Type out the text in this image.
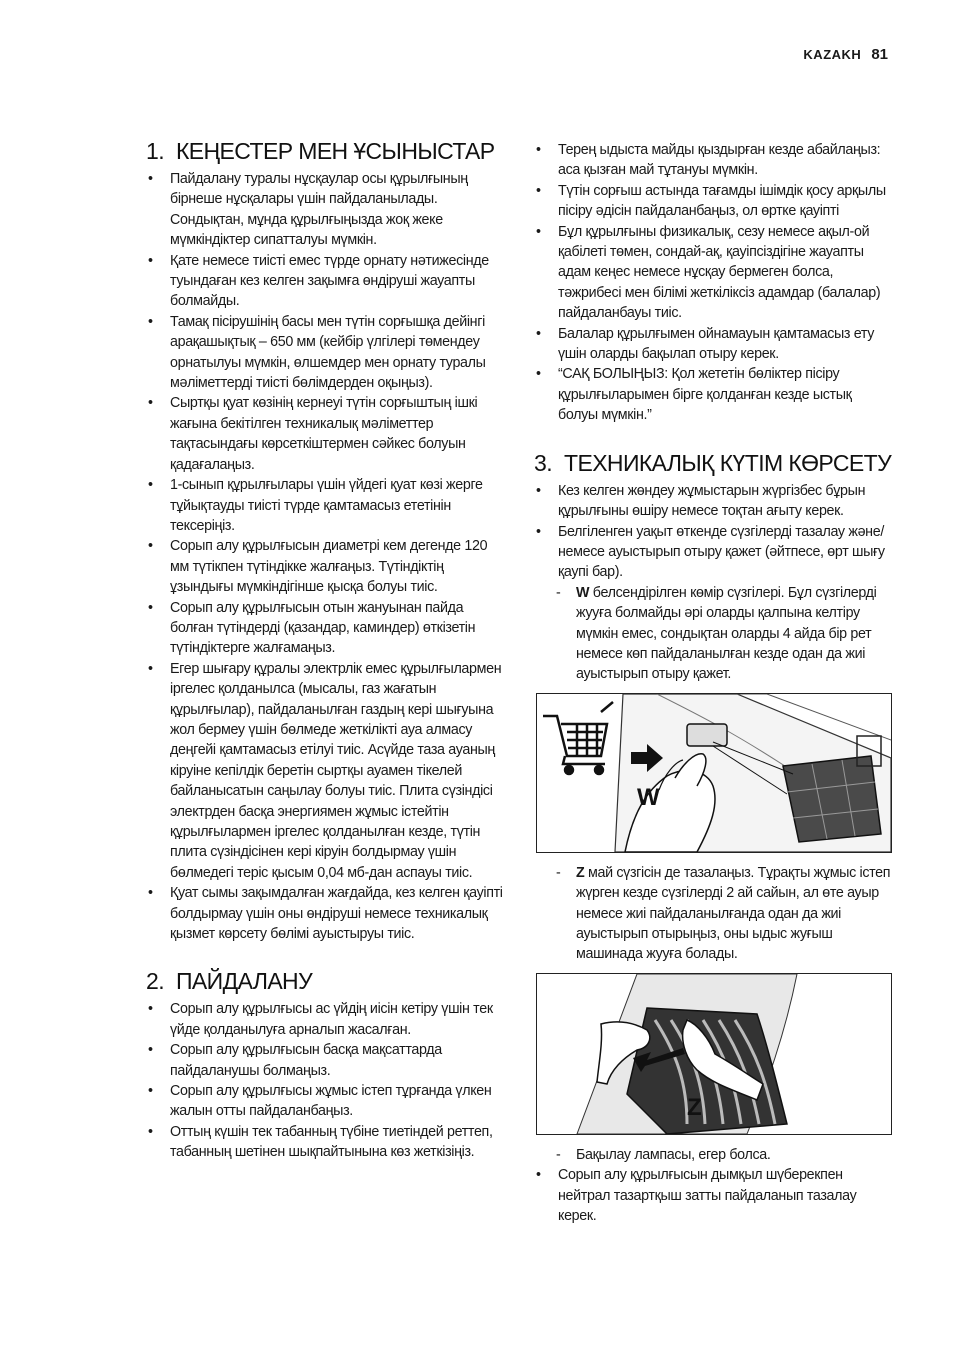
KAZAKH 81
1. КЕҢЕСТЕР МЕН ҰСЫНЫСТАР
• Пайдалану туралы нұсқаулар осы құрылғының бірнеше нұсқалары үшін пайдаланылады. Сондықтан, мұнда құрылғыңызда жоқ жеке мүмкіндіктер сипатталуы мүмкін.
• Қате немесе тиісті емес түрде орнату нәтижесінде туындаған кез келген зақымға өндіруші жауапты болмайды.
• Тамақ пісірушінің басы мен түтін сорғышқа дейінгі арақашықтық – 650 мм (кейбір үлгілері төмендеу орнатылуы мүмкін, өлшемдер мен орнату туралы мәліметтерді тиісті бөлімдерден оқыңыз).
• Сыртқы қуат көзінің кернеуі түтін сорғыштың ішкі жағына бекітілген техникалық мәліметтер тақтасындағы көрсеткіштермен сәйкес болуын қадағалаңыз.
• 1-сынып құрылғылары үшін үйдегі қуат көзі жерге тұйықтауды тиісті түрде қамтамасыз ететінін тексеріңіз.
• Сорып алу құрылғысын диаметрі кем дегенде 120 мм түтікпен түтіндікке жалғаңыз. Түтіндіктің ұзындығы мүмкіндігінше қысқа болуы тиіс.
• Сорып алу құрылғысын отын жануынан пайда болған түтіндерді (қазандар, каминдер) өткізетін түтіндіктерге жалғамаңыз.
• Егер шығару құралы электрлік емес құрылғылармен іргелес қолданылса (мысалы, газ жағатын құрылғылар), пайдаланылған газдың кері шығуына жол бермеу үшін бөлмеде жеткілікті ауа алмасу деңгейі қамтамасыз етілуі тиіс. Асүйде таза ауаның кіруіне кепілдік беретін сыртқы ауамен тікелей байланысатын саңылау болуы тиіс. Плита сүзіндісі электрден басқа энергиямен жұмыс істейтін құрылғылармен іргелес қолданылған кезде, түтін плита сүзіндісінен кері кіруін болдырмау үшін бөлмедегі теріс қысым 0,04 мб-дан аспауы тиіс.
• Қуат сымы зақымдалған жағдайда, кез келген қауіпті болдырмау үшін оны өндіруші немесе техникалық қызмет көрсету бөлімі ауыстыруы тиіс.
2. ПАЙДАЛАНУ
• Сорып алу құрылғысы ас үйдің иісін кетіру үшін тек үйде қолданылуға арналып жасалған.
• Сорып алу құрылғысын басқа мақсаттарда пайдаланушы болмаңыз.
• Сорып алу құрылғысы жұмыс істеп тұрғанда үлкен жалын отты пайдаланбаңыз.
• Оттың күшін тек табанның түбіне тиетіндей реттеп, табанның шетінен шықпайтынына көз жеткізіңіз.
• Терең ыдыста майды қыздырған кезде абайлаңыз: аса қызған май тұтануы мүмкін.
• Түтін сорғыш астында тағамды ішімдік қосу арқылы пісіру әдісін пайдаланбаңыз, ол өртке қауіпті
• Бұл құрылғыны физикалық, сезу немесе ақыл-ой қабілеті төмен, сондай-ақ, қауіпсіздігіне жауапты адам кеңес немесе нұсқау бермеген болса, тәжрибесі мен білімі жеткіліксіз адамдар (балалар) пайдаланбауы тиіс.
• Балалар құрылғымен ойнамауын қамтамасыз ету үшін оларды бақылап отыру керек.
• “САҚ БОЛЫҢЫЗ: Қол жететін бөліктер пісіру құрылғыларымен бірге қолданған кезде ыстық болуы мүмкін.”
3. ТЕХНИКАЛЫҚ КҮТІМ КӨРСЕТУ
• Кез келген жөндеу жұмыстарын жүргізбес бұрын құрылғыны өшіру немесе тоқтан ағыту керек.
• Белгіленген уақыт өткенде сүзгілерді тазалау және/немесе ауыстырып отыру қажет (әйтпесе, өрт шығу қаупі бар).
- W белсендірілген көмір сүзгілері. Бұл сүзгілерді жууға болмайды әрі оларды қалпына келтіру мүмкін емес, сондықтан оларды 4 айда бір рет немесе көп пайдаланылған кезде одан да жиі ауыстырып отыру қажет.
W
- Z май сүзгісін де тазалаңыз. Тұрақты жұмыс істеп жүрген кезде сүзгілерді 2 ай сайын, ал өте ауыр немесе жиі пайдаланылғанда одан да жиі ауыстырып отырыңыз, оны ыдыс жуғыш машинада жууға болады.
Z
- Бақылау лампасы, егер болса.
• Сорып алу құрылғысын дымқыл шүберекпен нейтрал тазартқыш затты пайдаланып тазалау керек.
